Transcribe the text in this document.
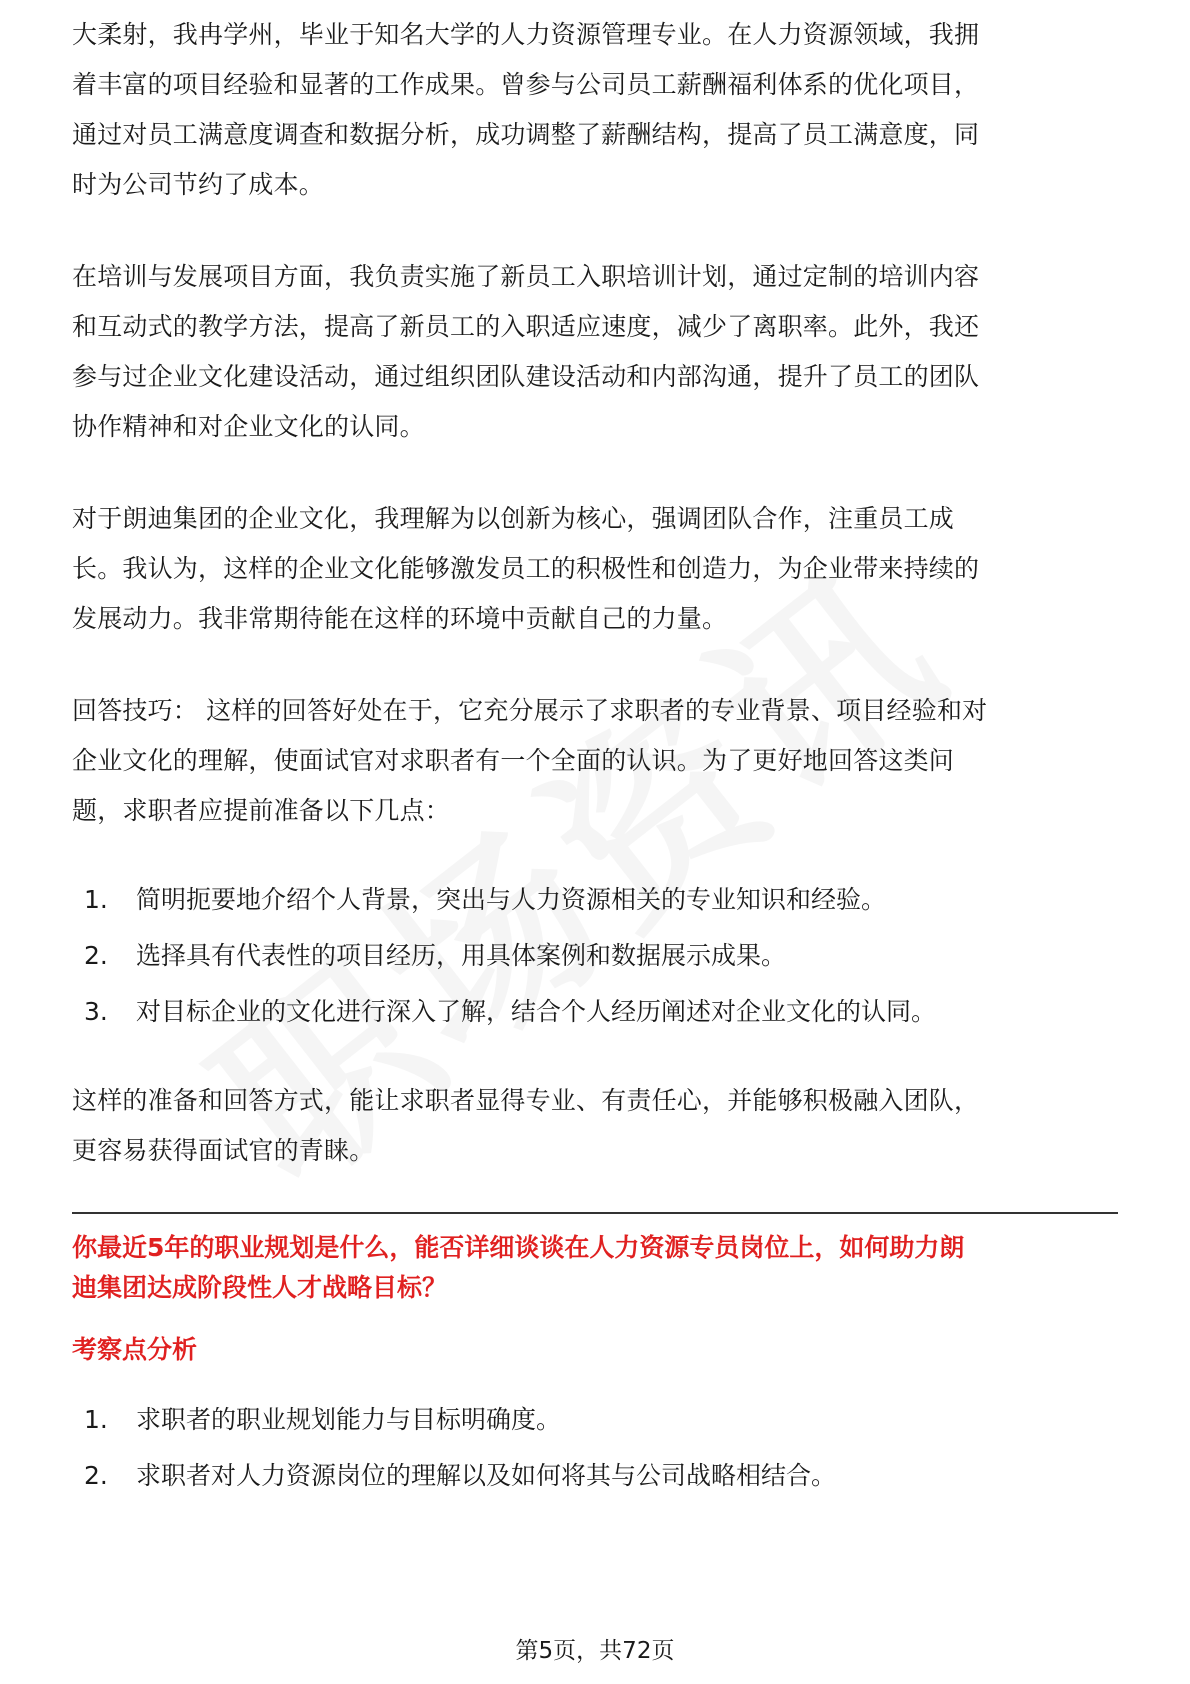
大柔射，我冉学州，毕业于知名大学的人力资源管理专业。在人力资源领域，我拥

着丰富的项目经验和显著的工作成果。曾参与公司员工薪酬福利体系的优化项目，

通过对员工满意度调查和数据分析，成功调整了薪酬结构，提高了员工满意度，同

时为公司节约了成本。

在培训与发展项目方面，我负责实施了新员工入职培训计划，通过定制的培训内容

和互动式的教学方法，提高了新员工的入职适应速度，减少了离职率。此外，我还

参与过企业文化建设活动，通过组织团队建设活动和内部沟通，提升了员工的团队

协作精神和对企业文化的认同。

对于朗迪集团的企业文化，我理解为以创新为核心，强调团队合作，注重员工成

长。我认为，这样的企业文化能够激发员工的积极性和创造力，为企业带来持续的

发展动力。我非常期待能在这样的环境中贡献自己的力量。

回答技巧： 这样的回答好处在于，它充分展示了求职者的专业背景、项目经验和对

企业文化的理解，使面试官对求职者有一个全面的认识。为了更好地回答这类问

题，求职者应提前准备以下几点：

1.	简明扼要地介绍个人背景，突出与人力资源相关的专业知识和经验。
2.	选择具有代表性的项目经历，用具体案例和数据展示成果。
3.	对目标企业的文化进行深入了解，结合个人经历阐述对企业文化的认同。

这样的准备和回答方式，能让求职者显得专业、有责任心，并能够积极融入团队，

更容易获得面试官的青睐。

你最近5年的职业规划是什么，能否详细谈谈在人力资源专员岗位上，如何助力朗

迪集团达成阶段性人才战略目标？

考察点分析

1.	求职者的职业规划能力与目标明确度。
2.	求职者对人力资源岗位的理解以及如何将其与公司战略相结合。
第5页，共72页
